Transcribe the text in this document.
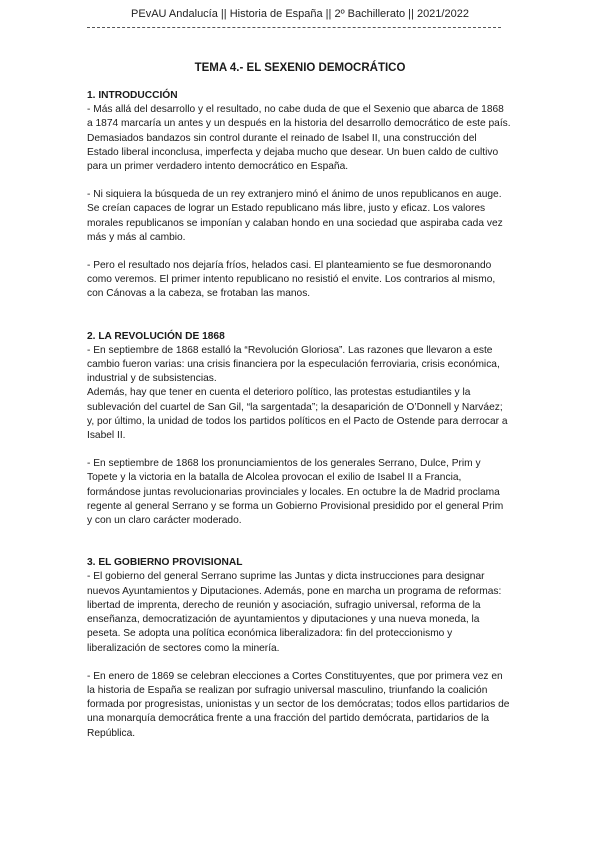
PEvAU Andalucía || Historia de España || 2º Bachillerato || 2021/2022
TEMA 4.- EL SEXENIO DEMOCRÁTICO
1. INTRODUCCIÓN

- Más allá del desarrollo y el resultado, no cabe duda de que el Sexenio que abarca de 1868 a 1874 marcaría un antes y un después en la historia del desarrollo democrático de este país. Demasiados bandazos sin control durante el reinado de Isabel II, una construcción del Estado liberal inconclusa, imperfecta y dejaba mucho que desear. Un buen caldo de cultivo para un primer verdadero intento democrático en España.

- Ni siquiera la búsqueda de un rey extranjero minó el ánimo de unos republicanos en auge. Se creían capaces de lograr un Estado republicano más libre, justo y eficaz. Los valores morales republicanos se imponían y calaban hondo en una sociedad que aspiraba cada vez más y más al cambio.

- Pero el resultado nos dejaría fríos, helados casi. El planteamiento se fue desmoronando como veremos. El primer intento republicano no resistió el envite. Los contrarios al mismo, con Cánovas a la cabeza, se frotaban las manos.

2. LA REVOLUCIÓN DE 1868

- En septiembre de 1868 estalló la “Revolución Gloriosa”. Las razones que llevaron a este cambio fueron varias: una crisis financiera por la especulación ferroviaria, crisis económica, industrial y de subsistencias.

Además, hay que tener en cuenta el deterioro político, las protestas estudiantiles y la sublevación del cuartel de San Gil, “la sargentada”; la desaparición de O’Donnell y Narváez; y, por último, la unidad de todos los partidos políticos en el Pacto de Ostende para derrocar a Isabel II.

- En septiembre de 1868 los pronunciamientos de los generales Serrano, Dulce, Prim y Topete y la victoria en la batalla de Alcolea provocan el exilio de Isabel II a Francia, formándose juntas revolucionarias provinciales y locales. En octubre la de Madrid proclama regente al general Serrano y se forma un Gobierno Provisional presidido por el general Prim y con un claro carácter moderado.

3. EL GOBIERNO PROVISIONAL

- El gobierno del general Serrano suprime las Juntas y dicta instrucciones para designar nuevos Ayuntamientos y Diputaciones. Además, pone en marcha un programa de reformas: libertad de imprenta, derecho de reunión y asociación, sufragio universal, reforma de la enseñanza, democratización de ayuntamientos y diputaciones y una nueva moneda, la peseta. Se adopta una política económica liberalizadora: fin del proteccionismo y liberalización de sectores como la minería.

- En enero de 1869 se celebran elecciones a Cortes Constituyentes, que por primera vez en la historia de España se realizan por sufragio universal masculino, triunfando la coalición formada por progresistas, unionistas y un sector de los demócratas; todos ellos partidarios de una monarquía democrática frente a una fracción del partido demócrata, partidarios de la República.
